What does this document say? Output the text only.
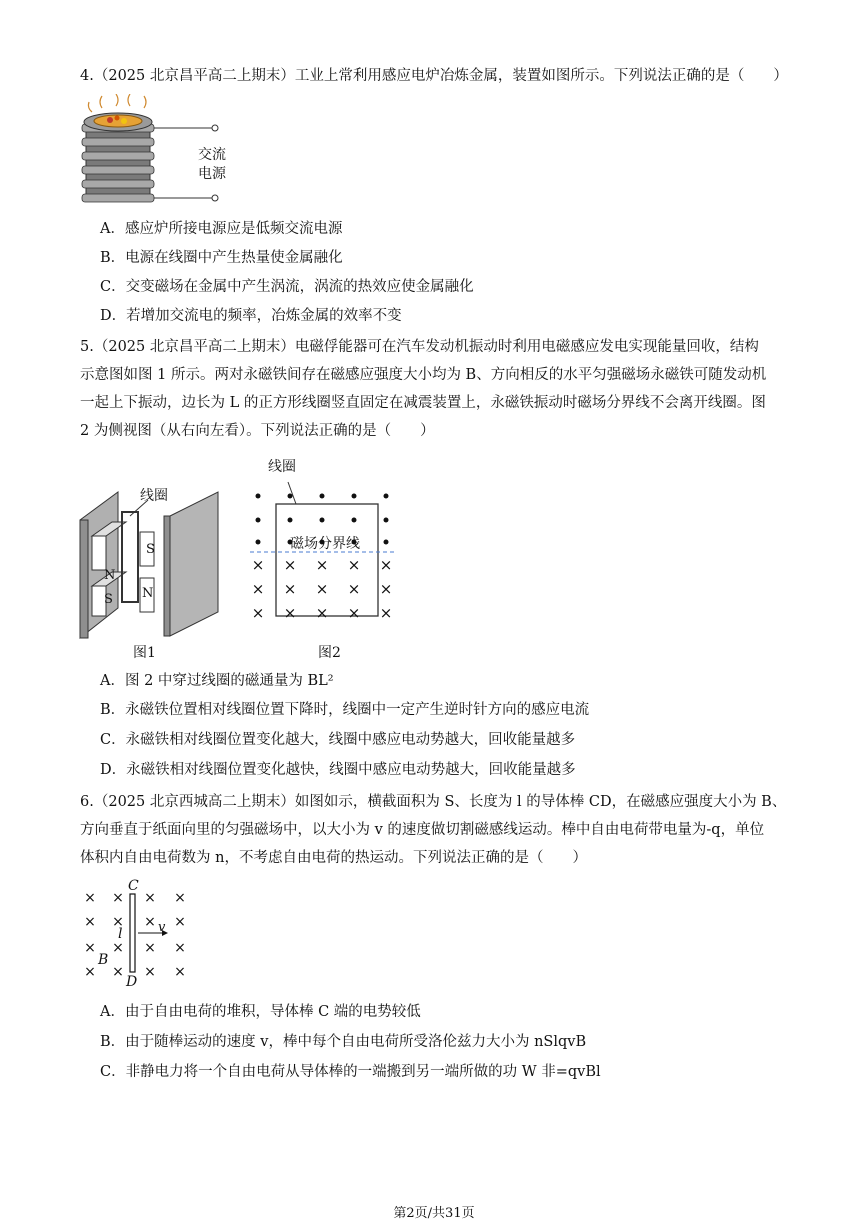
4.（2025 北京昌平高二上期末）工业上常利用感应电炉冶炼金属，装置如图所示。下列说法正确的是（　　）
交流
电源
A．感应炉所接电源应是低频交流电源
B．电源在线圈中产生热量使金属融化
C．交变磁场在金属中产生涡流，涡流的热效应使金属融化
D．若增加交流电的频率，冶炼金属的效率不变
5.（2025 北京昌平高二上期末）电磁俘能器可在汽车发动机振动时利用电磁感应发电实现能量回收，结构
示意图如图 1 所示。两对永磁铁间存在磁感应强度大小均为 B、方向相反的水平匀强磁场永磁铁可随发动机
一起上下振动，边长为 L 的正方形线圈竖直固定在减震装置上，永磁铁振动时磁场分界线不会离开线圈。图
2 为侧视图（从右向左看）。下列说法正确的是（　　）
线圈
N
S
S N
图1
× × × × ×
× × × × ×
× × × × ×
线圈
磁场分界线
图2
A．图 2 中穿过线圈的磁通量为 BL²
B．永磁铁位置相对线圈位置下降时，线圈中一定产生逆时针方向的感应电流
C．永磁铁相对线圈位置变化越大，线圈中感应电动势越大，回收能量越多
D．永磁铁相对线圈位置变化越快，线圈中感应电动势越大，回收能量越多
6.（2025 北京西城高二上期末）如图如示，横截面积为 S、长度为 l 的导体棒 CD，在磁感应强度大小为 B、
方向垂直于纸面向里的匀强磁场中，以大小为 v 的速度做切割磁感线运动。棒中自由电荷带电量为-q，单位
体积内自由电荷数为 n，不考虑自由电荷的热运动。下列说法正确的是（　　）
× × × ×
× × × ×
× × × ×
× × × ×
C
l	v
B
D
A．由于自由电荷的堆积，导体棒 C 端的电势较低
B．由于随棒运动的速度 v，棒中每个自由电荷所受洛伦兹力大小为 nSlqvB
C．非静电力将一个自由电荷从导体棒的一端搬到另一端所做的功 W 非=qvBl
第2页/共31页
